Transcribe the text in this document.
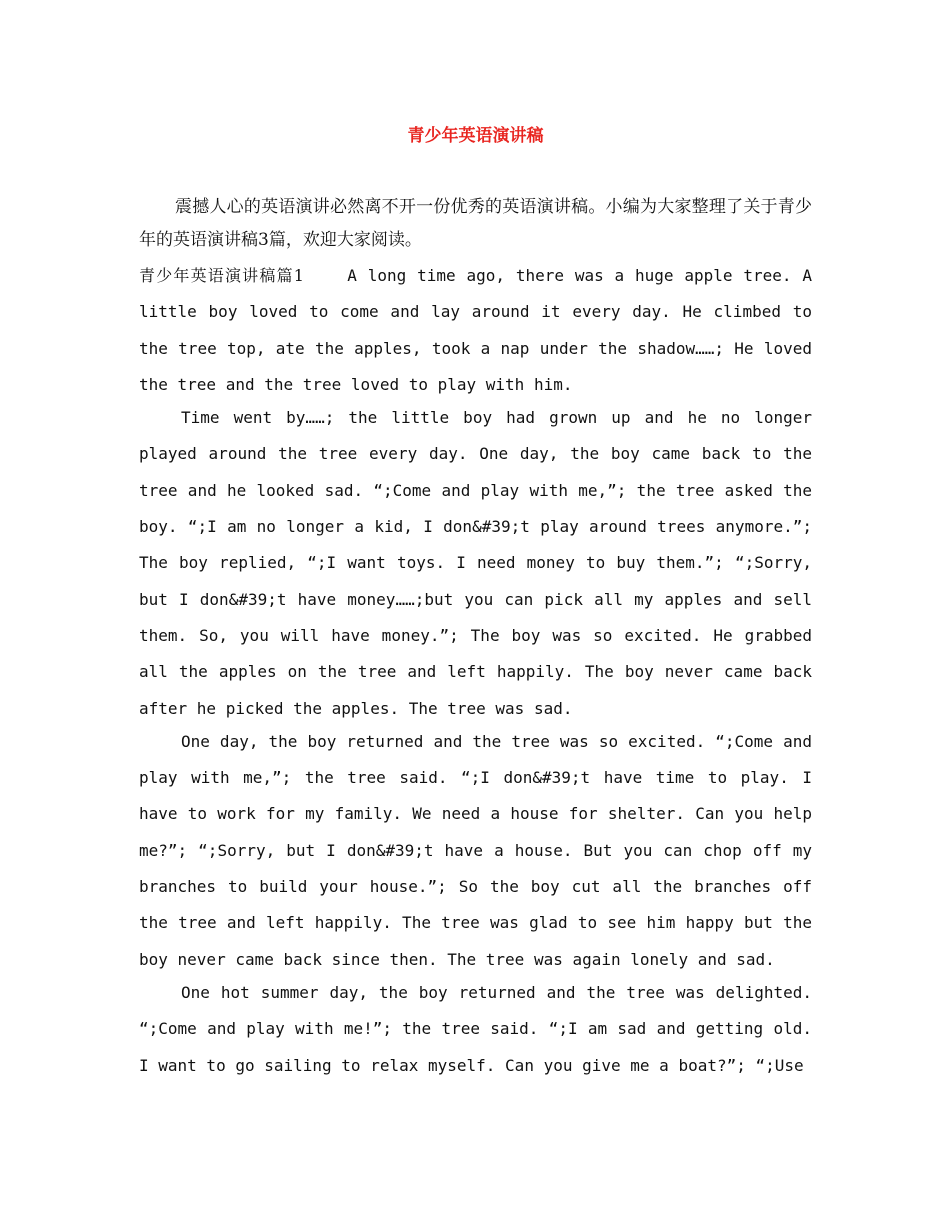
青少年英语演讲稿

震撼人心的英语演讲必然离不开一份优秀的英语演讲稿。小编为大家整理了关于青少年的英语演讲稿3篇，欢迎大家阅读。

青少年英语演讲稿篇1	A long time ago, there was a huge apple tree. A little boy loved to come and lay around it every day. He climbed to the tree top, ate the apples, took a nap under the shadow……; He loved the tree and the tree loved to play with him.

Time went by……; the little boy had grown up and he no longer played around the tree every day. One day, the boy came back to the tree and he looked sad. “;Come and play with me,”; the tree asked the boy. “;I am no longer a kid, I don&#39;t play around trees anymore.”; The boy replied, “;I want toys. I need money to buy them.”; “;Sorry, but I don&#39;t have money……;but you can pick all my apples and sell them. So, you will have money.”; The boy was so excited. He grabbed all the apples on the tree and left happily. The boy never came back after he picked the apples. The tree was sad.

One day, the boy returned and the tree was so excited. “;Come and play with me,”; the tree said. “;I don&#39;t have time to play. I have to work for my family. We need a house for shelter. Can you help me?”; “;Sorry, but I don&#39;t have a house. But you can chop off my branches to build your house.”; So the boy cut all the branches off the tree and left happily. The tree was glad to see him happy but the boy never came back since then. The tree was again lonely and sad.

One hot summer day, the boy returned and the tree was delighted. “;Come and play with me!”; the tree said. “;I am sad and getting old. I want to go sailing to relax myself. Can you give me a boat?”; “;Use
